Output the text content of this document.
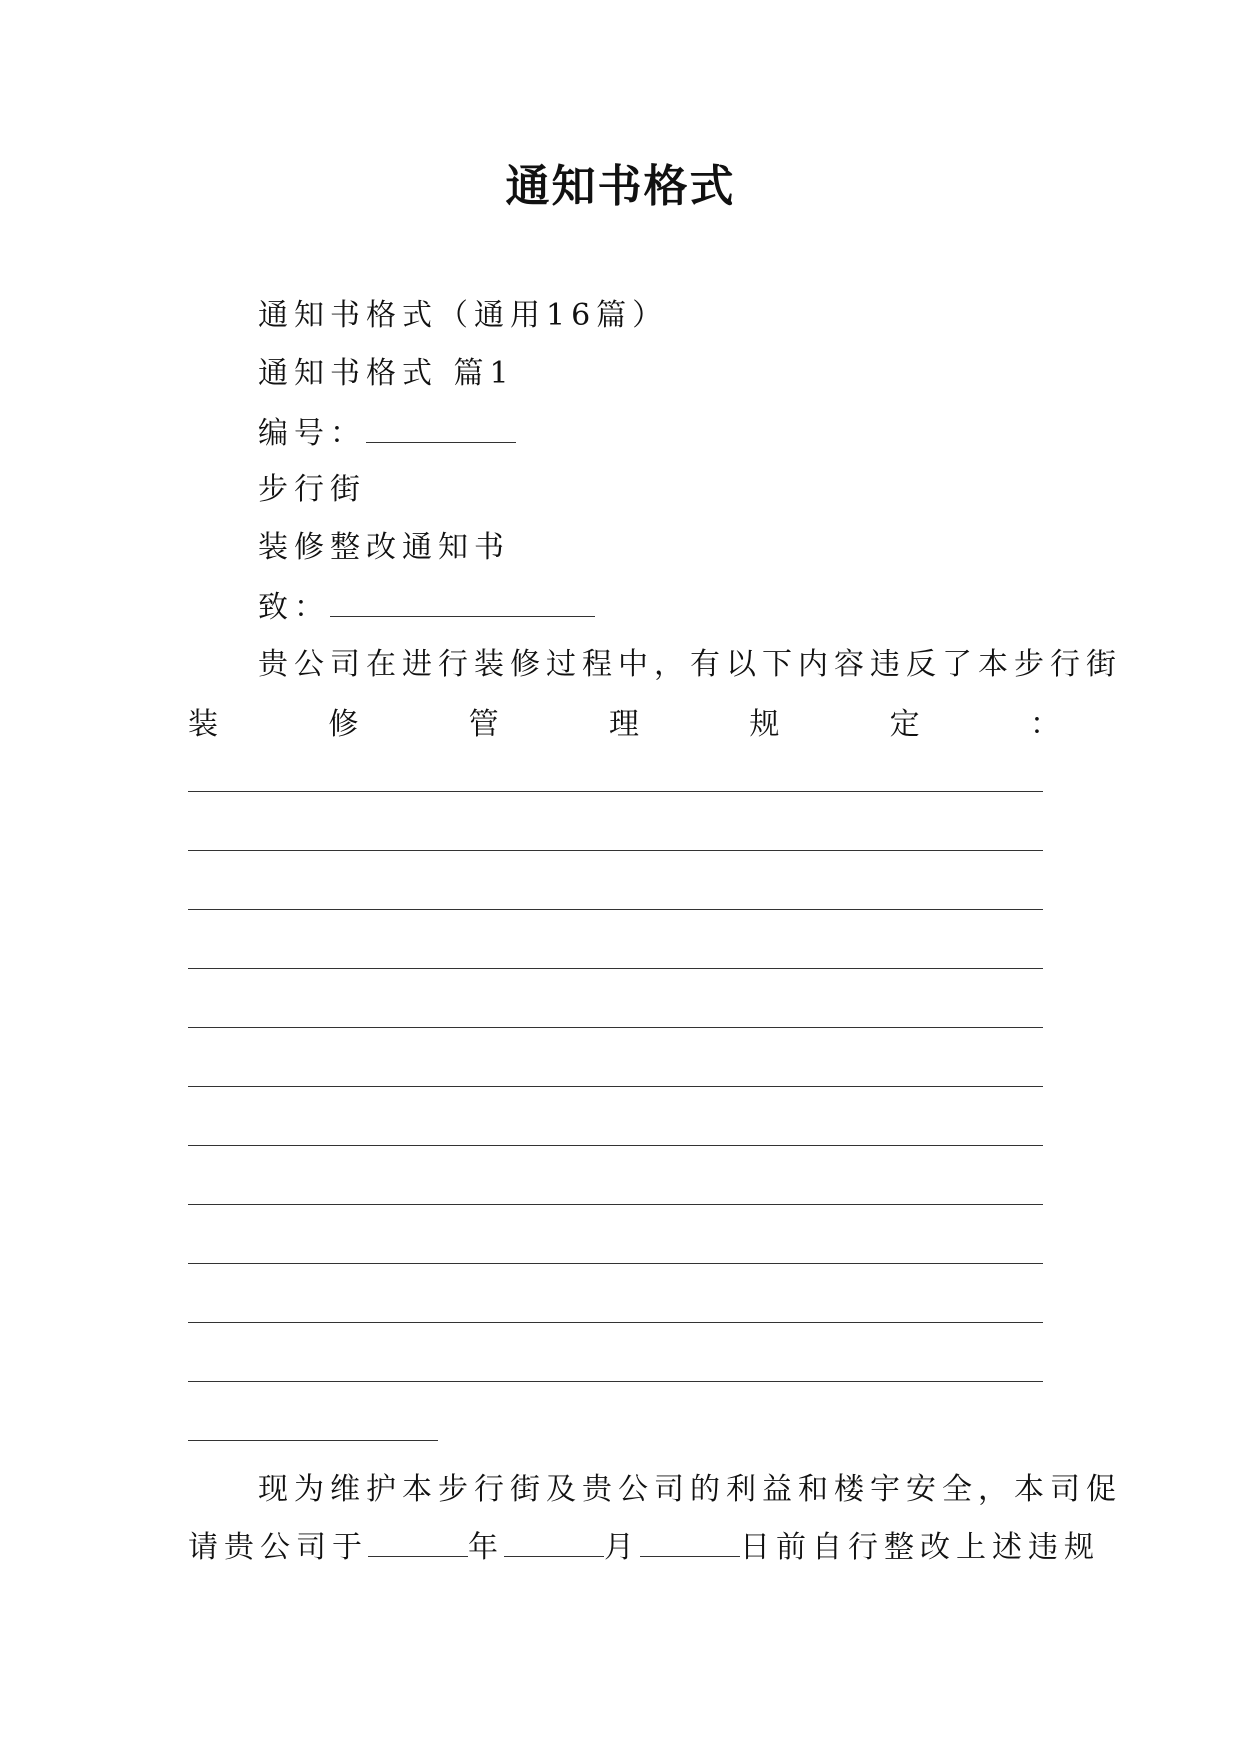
通知书格式
通知书格式（通用16篇）
通知书格式 篇1
编号：
步行街
装修整改通知书
致：
贵公司在进行装修过程中，有以下内容违反了本步行街
装	修	管	理	规	定	：
现为维护本步行街及贵公司的利益和楼宇安全，本司促
请贵公司于	年	月	日前自行整改上述违规
